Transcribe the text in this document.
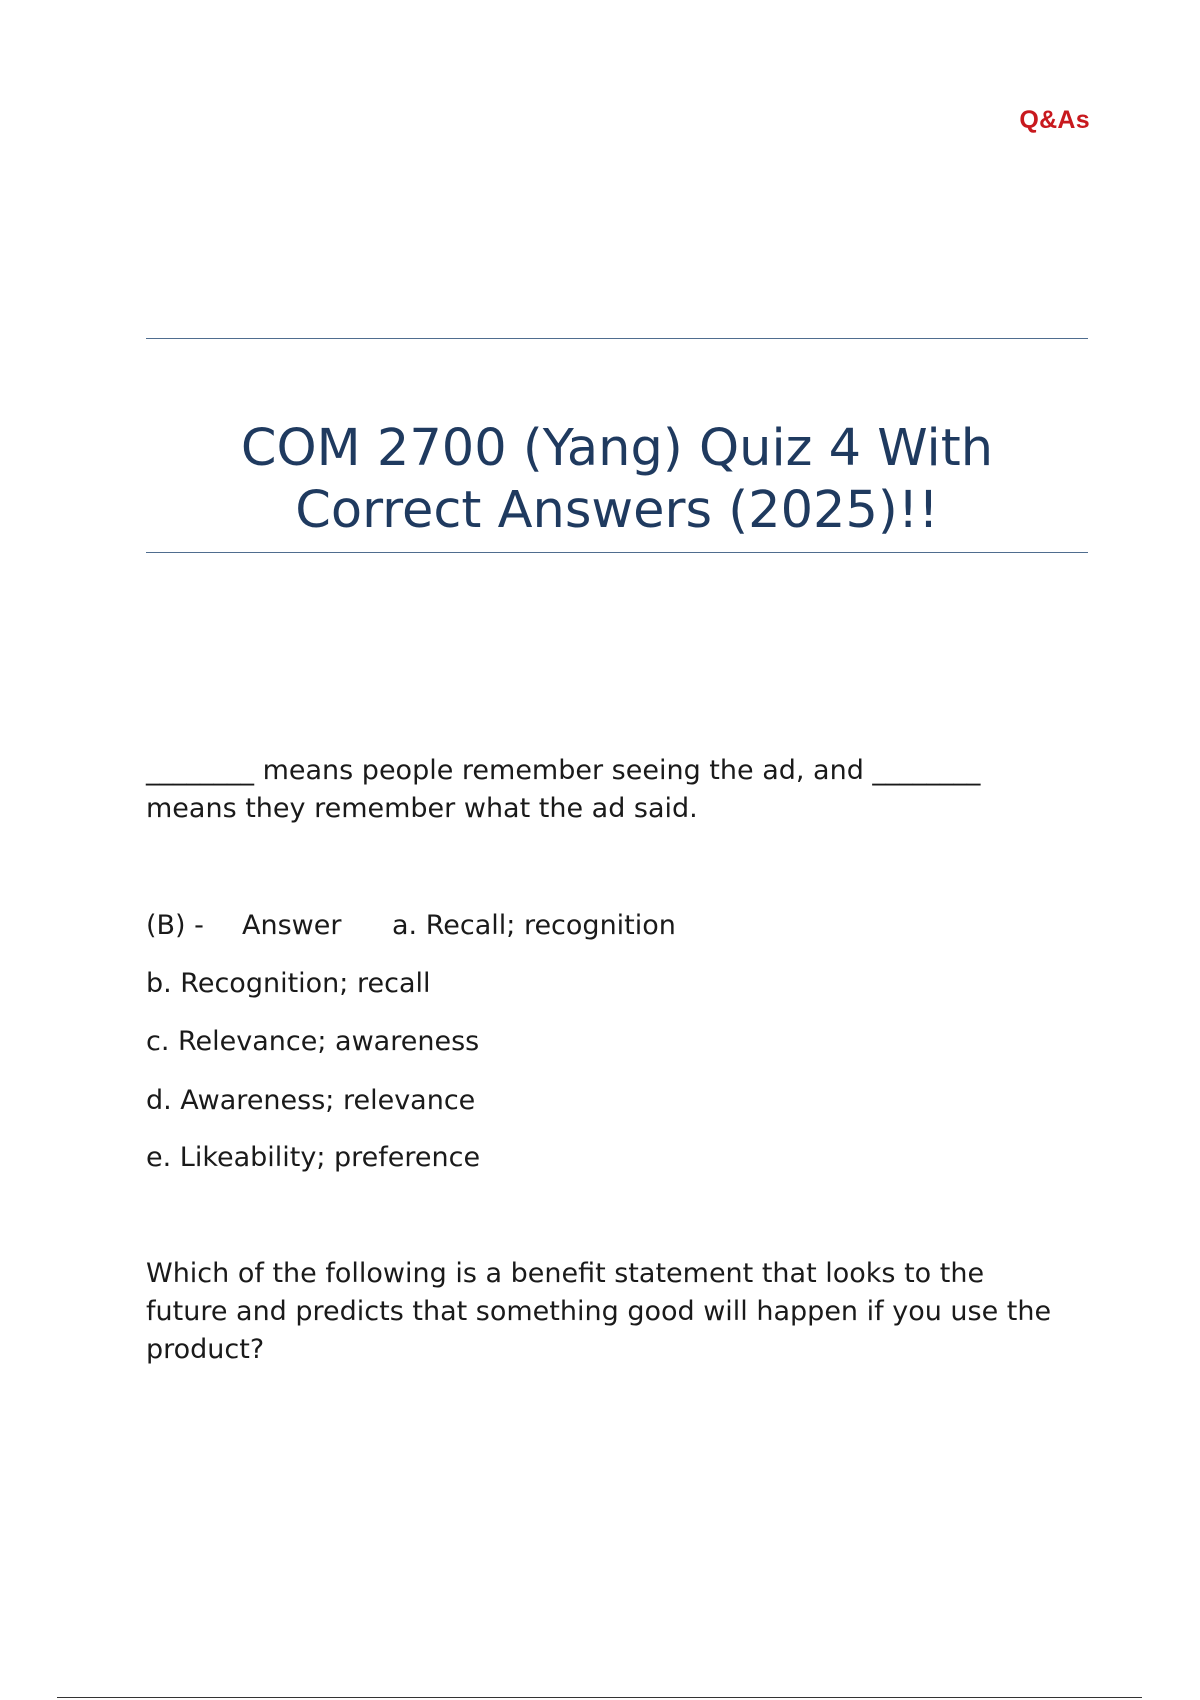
Q&As
COM 2700 (Yang) Quiz 4 With Correct Answers (2025)!!
________ means people remember seeing the ad, and ________ means they remember what the ad said.
(B) - Answer a. Recall; recognition
b. Recognition; recall
c. Relevance; awareness
d. Awareness; relevance
e. Likeability; preference
Which of the following is a benefit statement that looks to the future and predicts that something good will happen if you use the product?
